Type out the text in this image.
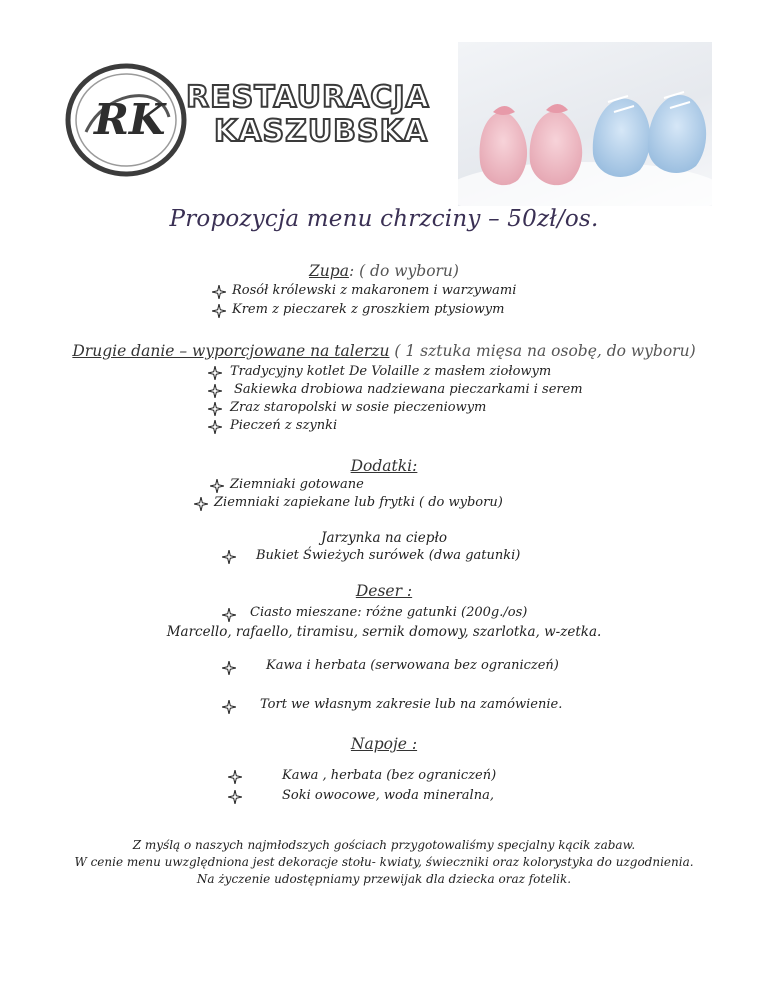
RK RESTAURACJA
KASZUBSKA
Propozycja menu chrzciny – 50zł/os.
Zupa: ( do wyboru)
Rosół królewski z makaronem i warzywami
Krem z pieczarek z groszkiem ptysiowym
Drugie danie – wyporcjowane na talerzu ( 1 sztuka mięsa na osobę, do wyboru)
Tradycyjny kotlet De Volaille z masłem ziołowym
Sakiewka drobiowa nadziewana pieczarkami i serem
Zraz staropolski w sosie pieczeniowym
Pieczeń z szynki
Dodatki:
Ziemniaki gotowane
Ziemniaki zapiekane lub frytki ( do wyboru)
Jarzynka na ciepło
Bukiet Świeżych surówek (dwa gatunki)
Deser :
Ciasto mieszane: różne gatunki (200g./os)
Marcello, rafaello, tiramisu, sernik domowy, szarlotka, w-zetka.
Kawa i herbata (serwowana bez ograniczeń)
Tort we własnym zakresie lub na zamówienie.
Napoje :
Kawa , herbata (bez ograniczeń)
Soki owocowe, woda mineralna,
Z myślą o naszych najmłodszych gościach przygotowaliśmy specjalny kącik zabaw.
W cenie menu uwzględniona jest dekoracje stołu- kwiaty, świeczniki oraz kolorystyka do uzgodnienia.
Na życzenie udostępniamy przewijak dla dziecka oraz fotelik.
